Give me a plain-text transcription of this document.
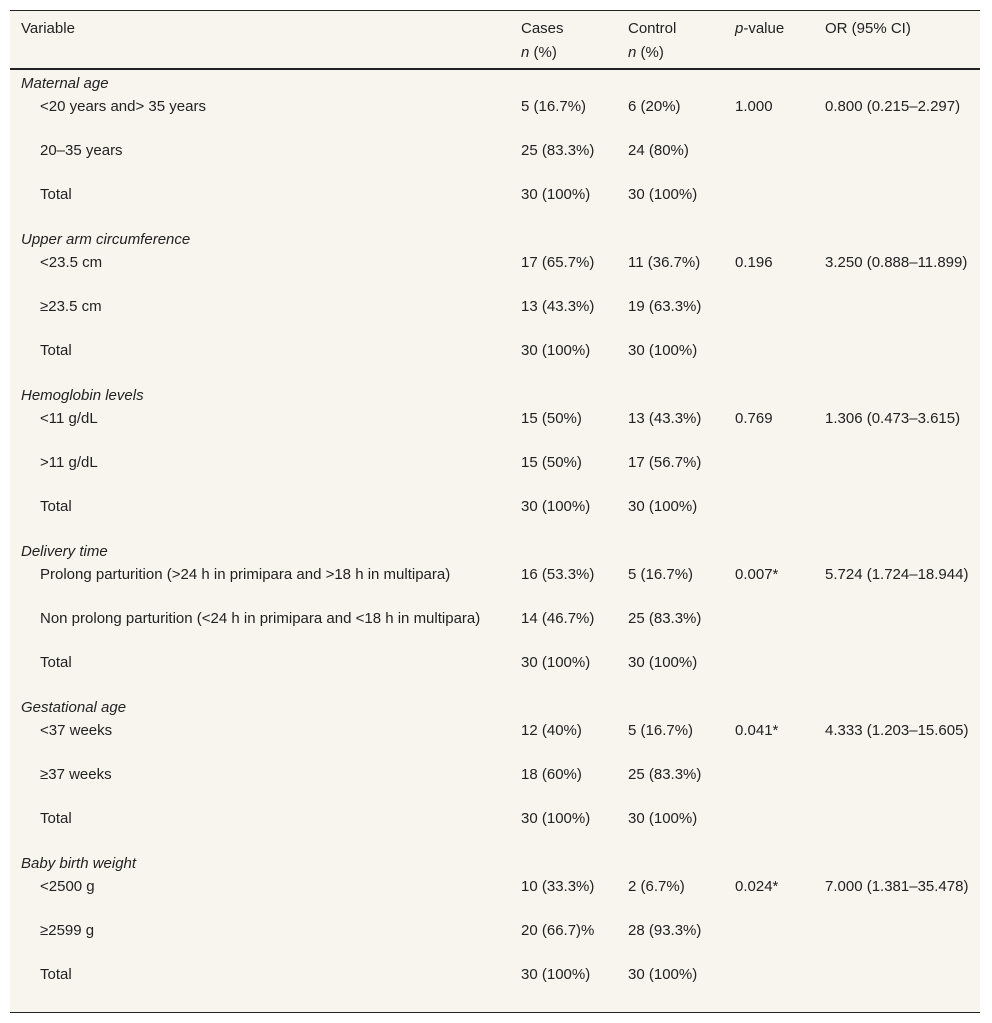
Variable	Cases	Control	p-value	OR (95% CI)
	n (%)	n (%)		
Maternal age				
<20 years and> 35 years	5 (16.7%)	6 (20%)	1.000	0.800 (0.215–2.297)
20–35 years	25 (83.3%)	24 (80%)		
Total	30 (100%)	30 (100%)		
Upper arm circumference				
<23.5 cm	17 (65.7%)	11 (36.7%)	0.196	3.250 (0.888–11.899)
≥23.5 cm	13 (43.3%)	19 (63.3%)		
Total	30 (100%)	30 (100%)		
Hemoglobin levels				
<11 g/dL	15 (50%)	13 (43.3%)	0.769	1.306 (0.473–3.615)
>11 g/dL	15 (50%)	17 (56.7%)		
Total	30 (100%)	30 (100%)		
Delivery time				
Prolong parturition (>24 h in primipara and >18 h in multipara)	16 (53.3%)	5 (16.7%)	0.007*	5.724 (1.724–18.944)
Non prolong parturition (<24 h in primipara and <18 h in multipara)	14 (46.7%)	25 (83.3%)		
Total	30 (100%)	30 (100%)		
Gestational age				
<37 weeks	12 (40%)	5 (16.7%)	0.041*	4.333 (1.203–15.605)
≥37 weeks	18 (60%)	25 (83.3%)		
Total	30 (100%)	30 (100%)		
Baby birth weight				
<2500 g	10 (33.3%)	2 (6.7%)	0.024*	7.000 (1.381–35.478)
≥2599 g	20 (66.7)%	28 (93.3%)		
Total	30 (100%)	30 (100%)		
